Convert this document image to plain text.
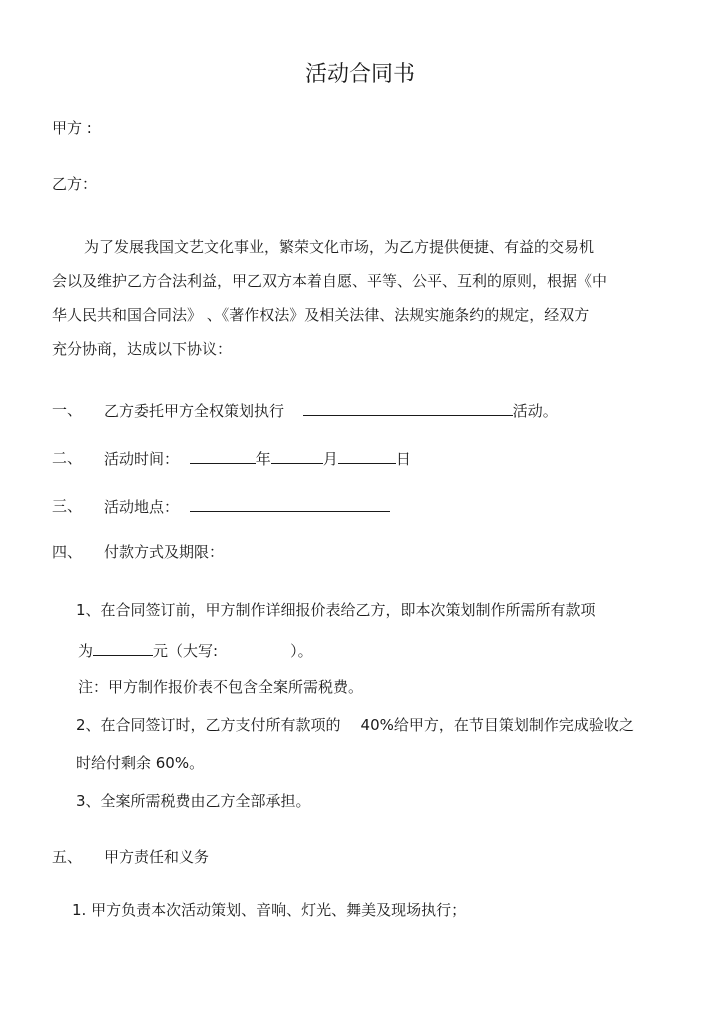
活动合同书
甲方 :
乙方：
为了发展我国文艺文化事业，繁荣文化市场，为乙方提供便捷、有益的交易机
会以及维护乙方合法利益，甲乙双方本着自愿、平等、公平、互利的原则，根据《中
华人民共和国合同法》 、《著作权法》及相关法律、法规实施条约的规定，经双方
充分协商，达成以下协议：
一、 乙方委托甲方全权策划执行	活动。
二、 活动时间：	年	月	日
三、 活动地点：
四、 付款方式及期限：
1、在合同签订前，甲方制作详细报价表给乙方，即本次策划制作所需所有款项
为	元（大写:	）。
注：甲方制作报价表不包含全案所需税费。
2、在合同签订时，乙方支付所有款项的 40%给甲方，在节目策划制作完成验收之
时给付剩余 60%。
3、全案所需税费由乙方全部承担。
五、 甲方责任和义务
1. 甲方负责本次活动策划、音响、灯光、舞美及现场执行；
